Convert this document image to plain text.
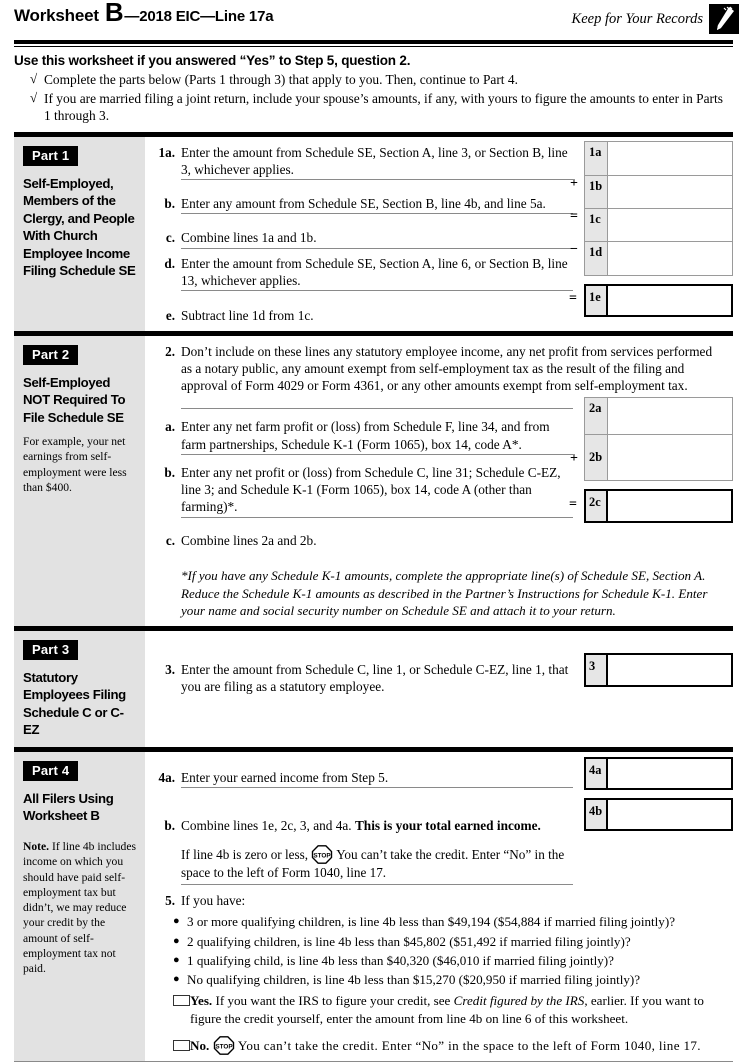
Worksheet B—2018 EIC—Line 17a	Keep for Your Records
Use this worksheet if you answered “Yes” to Step 5, question 2.
√ Complete the parts below (Parts 1 through 3) that apply to you. Then, continue to Part 4.
√ If you are married filing a joint return, include your spouse’s amounts, if any, with yours to figure the amounts to enter in Parts 1 through 3.
Part 1
Self-Employed, Members of the Clergy, and People With Church Employee Income Filing Schedule SE
1a. Enter the amount from Schedule SE, Section A, line 3, or Section B, line 3, whichever applies.
b. Enter any amount from Schedule SE, Section B, line 4b, and line 5a.
c. Combine lines 1a and 1b.
d. Enter the amount from Schedule SE, Section A, line 6, or Section B, line 13, whichever applies.
e. Subtract line 1d from 1c.
1a
+ 1b
= 1c
− 1d
= 1e
Part 2
Self-Employed NOT Required To File Schedule SE
For example, your net earnings from self-employment were less than $400.
2. Don’t include on these lines any statutory employee income, any net profit from services performed as a notary public, any amount exempt from self-employment tax as the result of the filing and approval of Form 4029 or Form 4361, or any other amounts exempt from self-employment tax.
a. Enter any net farm profit or (loss) from Schedule F, line 34, and from farm partnerships, Schedule K-1 (Form 1065), box 14, code A*.
b. Enter any net profit or (loss) from Schedule C, line 31; Schedule C-EZ, line 3; and Schedule K-1 (Form 1065), box 14, code A (other than farming)*.
c. Combine lines 2a and 2b.
*If you have any Schedule K-1 amounts, complete the appropriate line(s) of Schedule SE, Section A. Reduce the Schedule K-1 amounts as described in the Partner’s Instructions for Schedule K-1. Enter your name and social security number on Schedule SE and attach it to your return.
2a
+ 2b
= 2c
Part 3
Statutory Employees Filing Schedule C or C-EZ
3. Enter the amount from Schedule C, line 1, or Schedule C-EZ, line 1, that you are filing as a statutory employee.
3
Part 4
All Filers Using Worksheet B
Note. If line 4b includes income on which you should have paid self-employment tax but didn’t, we may reduce your credit by the amount of self-employment tax not paid.
4a. Enter your earned income from Step 5.
b. Combine lines 1e, 2c, 3, and 4a. This is your total earned income.
If line 4b is zero or less, STOP You can’t take the credit. Enter “No” in the space to the left of Form 1040, line 17.
5. If you have:
● 3 or more qualifying children, is line 4b less than $49,194 ($54,884 if married filing jointly)?
● 2 qualifying children, is line 4b less than $45,802 ($51,492 if married filing jointly)?
● 1 qualifying child, is line 4b less than $40,320 ($46,010 if married filing jointly)?
● No qualifying children, is line 4b less than $15,270 ($20,950 if married filing jointly)?
Yes. If you want the IRS to figure your credit, see Credit figured by the IRS, earlier. If you want to figure the credit yourself, enter the amount from line 4b on line 6 of this worksheet.
No. STOP You can’t take the credit. Enter “No” in the space to the left of Form 1040, line 17.
4a
4b
